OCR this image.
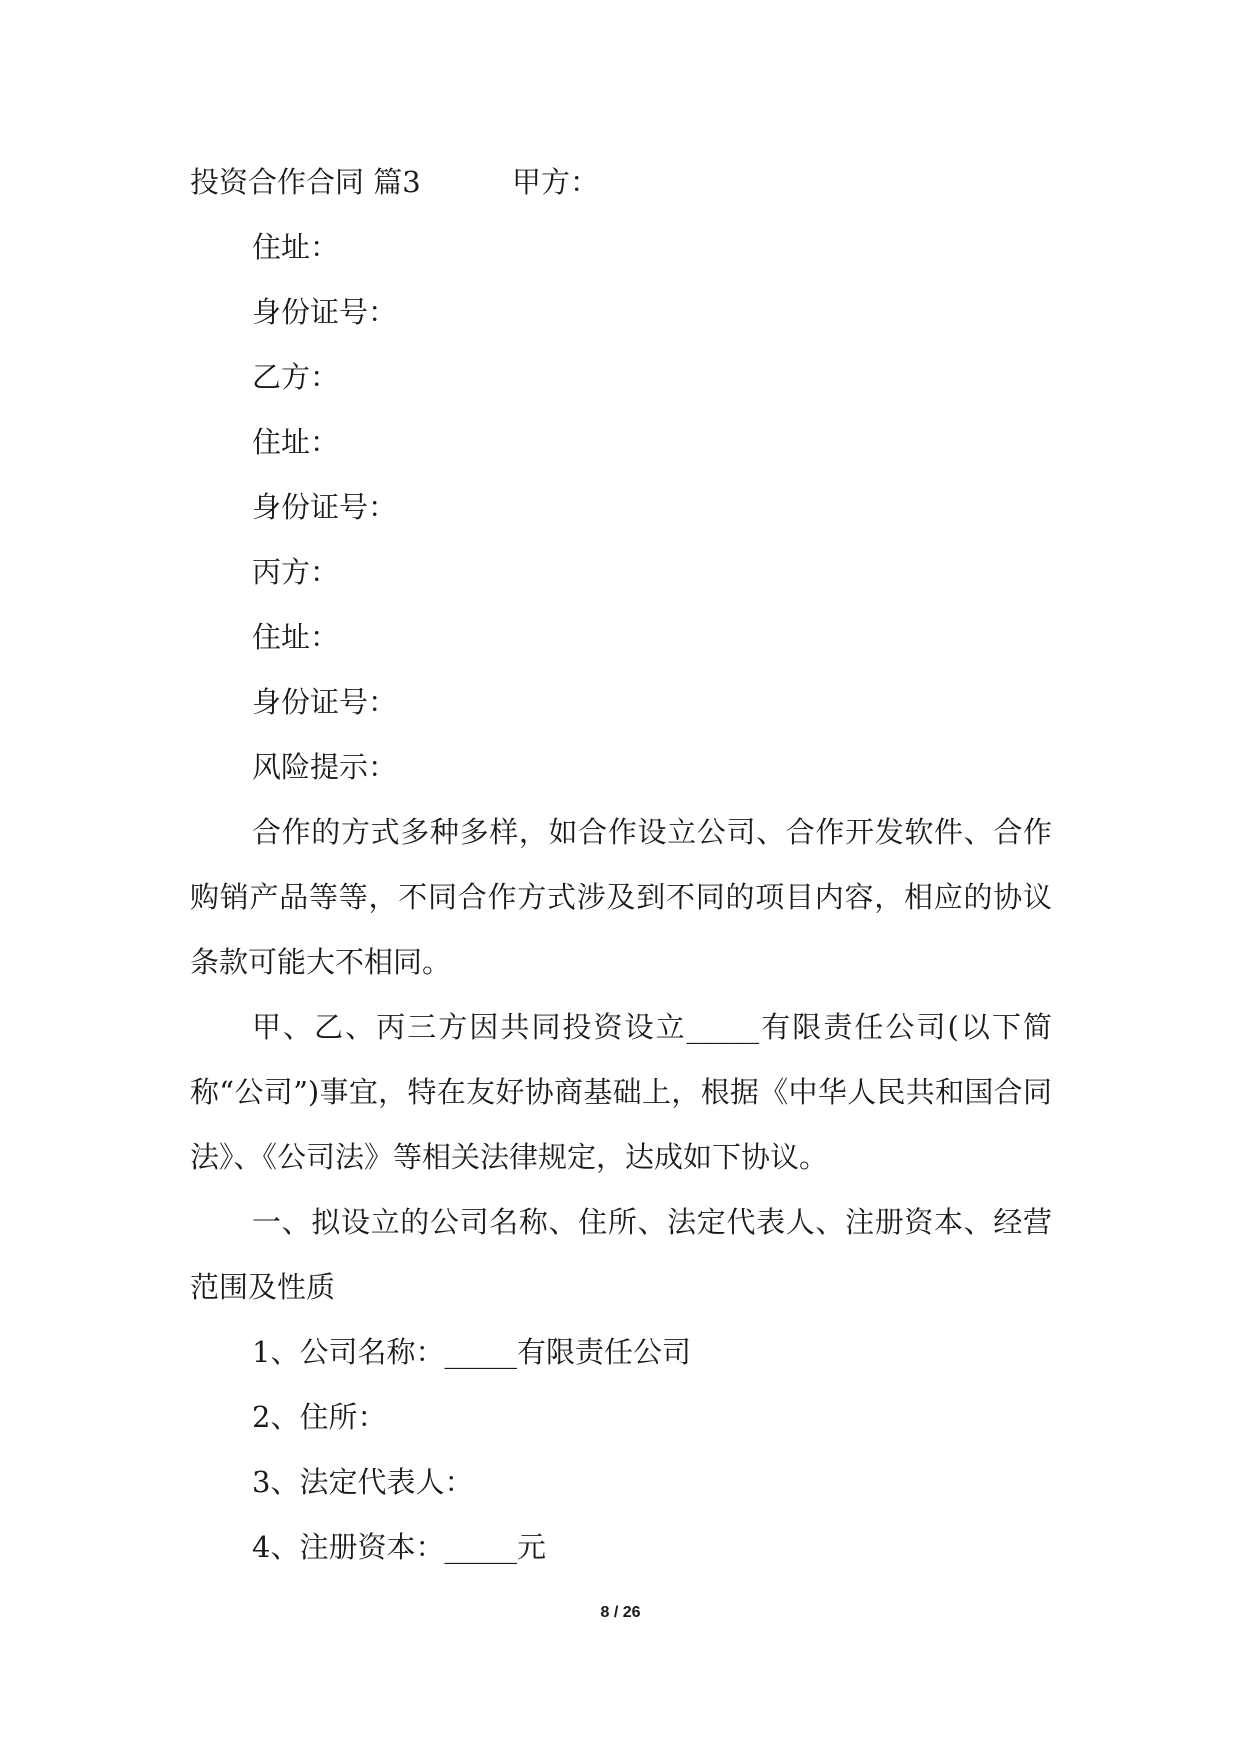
投资合作合同 篇3	甲方：
住址：
身份证号：
乙方：
住址：
身份证号：
丙方：
住址：
身份证号：
风险提示：

合作的方式多种多样，如合作设立公司、合作开发软件、合作购销产品等等，不同合作方式涉及到不同的项目内容，相应的协议条款可能大不相同。

甲、乙、丙三方因共同投资设立_____有限责任公司(以下简称“公司”)事宜，特在友好协商基础上，根据《中华人民共和国合同法》、《公司法》等相关法律规定，达成如下协议。

一、拟设立的公司名称、住所、法定代表人、注册资本、经营范围及性质

1、公司名称：_____有限责任公司
2、住所：
3、法定代表人：
4、注册资本：_____元
8 / 26
